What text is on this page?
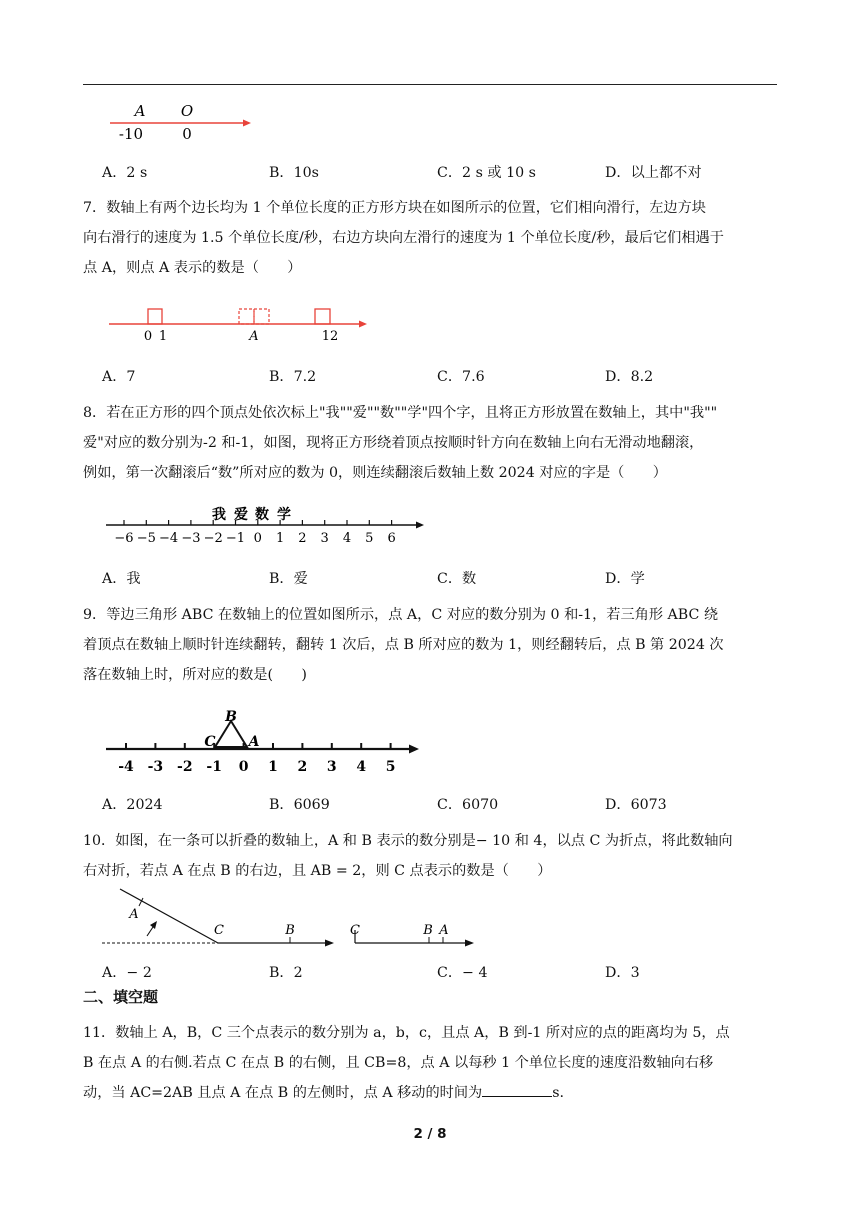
A O
-10	0
A．2 s	B．10s	C．2 s 或 10 s	D．以上都不对
7．数轴上有两个边长均为 1 个单位长度的正方形方块在如图所示的位置，它们相向滑行，左边方块
向右滑行的速度为 1.5 个单位长度/秒，右边方块向左滑行的速度为 1 个单位长度/秒，最后它们相遇于
点 A，则点 A 表示的数是（　　）
0 1	A	12
A．7	B．7.2	C．7.6	D．8.2
8．若在正方形的四个顶点处依次标上"我""爱""数""学"四个字，且将正方形放置在数轴上，其中"我""
爱"对应的数分别为-2 和-1，如图，现将正方形绕着顶点按顺时针方向在数轴上向右无滑动地翻滚，
例如，第一次翻滚后“数”所对应的数为 0，则连续翻滚后数轴上数 2024 对应的字是（　　）
我 爱 数 学
−6 −5 −4 −3 −2 −1 0 1 2 3 4 5 6
A．我	B．爱	C．数	D．学
9．等边三角形 ABC 在数轴上的位置如图所示，点 A，C 对应的数分别为 0 和-1，若三角形 ABC 绕
着顶点在数轴上顺时针连续翻转，翻转 1 次后，点 B 所对应的数为 1，则经翻转后，点 B 第 2024 次
落在数轴上时，所对应的数是(　　)
B
C A
-4 -3 -2 -1 0 1 2 3 4 5
A．2024	B．6069	C．6070	D．6073
10．如图，在一条可以折叠的数轴上，A 和 B 表示的数分别是− 10 和 4，以点 C 为折点，将此数轴向
右对折，若点 A 在点 B 的右边，且 AB = 2，则 C 点表示的数是（　　）
A
C	B	C	B A
A．− 2	B．2	C．− 4	D．3
二、填空题
11．数轴上 A，B，C 三个点表示的数分别为 a，b，c，且点 A，B 到-1 所对应的点的距离均为 5，点
B 在点 A 的右侧.若点 C 在点 B 的右侧，且 CB=8，点 A 以每秒 1 个单位长度的速度沿数轴向右移
动，当 AC=2AB 且点 A 在点 B 的左侧时，点 A 移动的时间为	s.
2 / 8
